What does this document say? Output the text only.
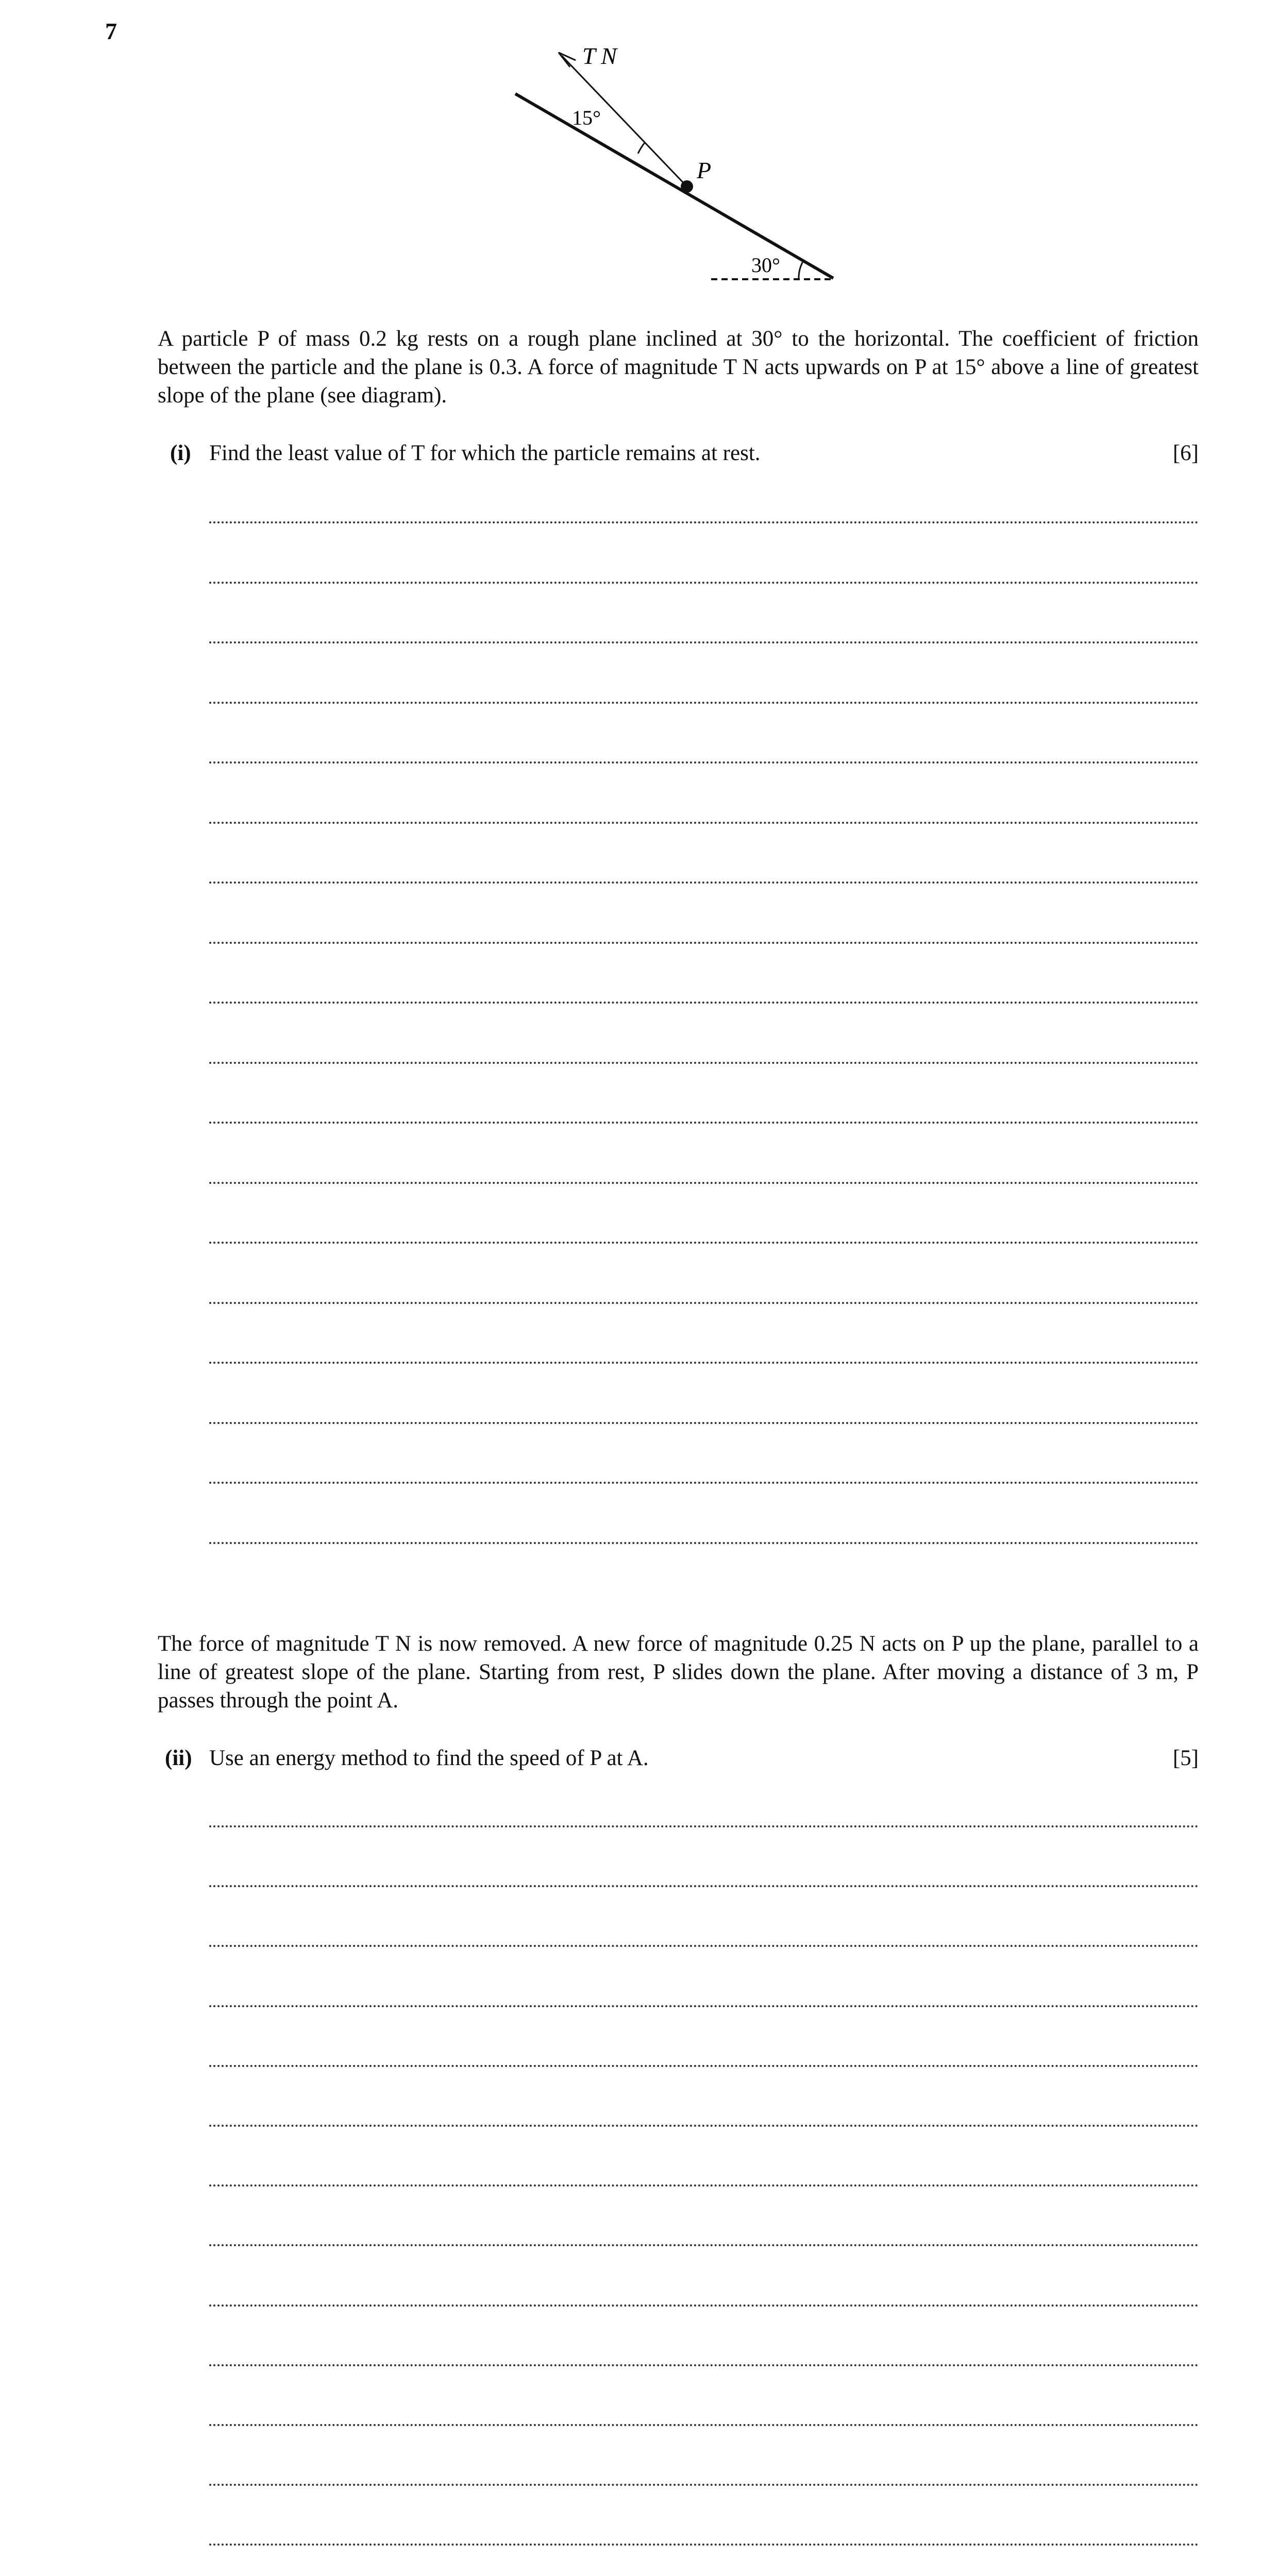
7
T N
15°
P
30°
A particle P of mass 0.2 kg rests on a rough plane inclined at 30° to the horizontal. The coefficient of friction between the particle and the plane is 0.3. A force of magnitude T N acts upwards on P at 15° above a line of greatest slope of the plane (see diagram).
(i) Find the least value of T for which the particle remains at rest.	[6]
The force of magnitude T N is now removed. A new force of magnitude 0.25 N acts on P up the plane, parallel to a line of greatest slope of the plane. Starting from rest, P slides down the plane. After moving a distance of 3 m, P passes through the point A.
(ii) Use an energy method to find the speed of P at A.	[5]
